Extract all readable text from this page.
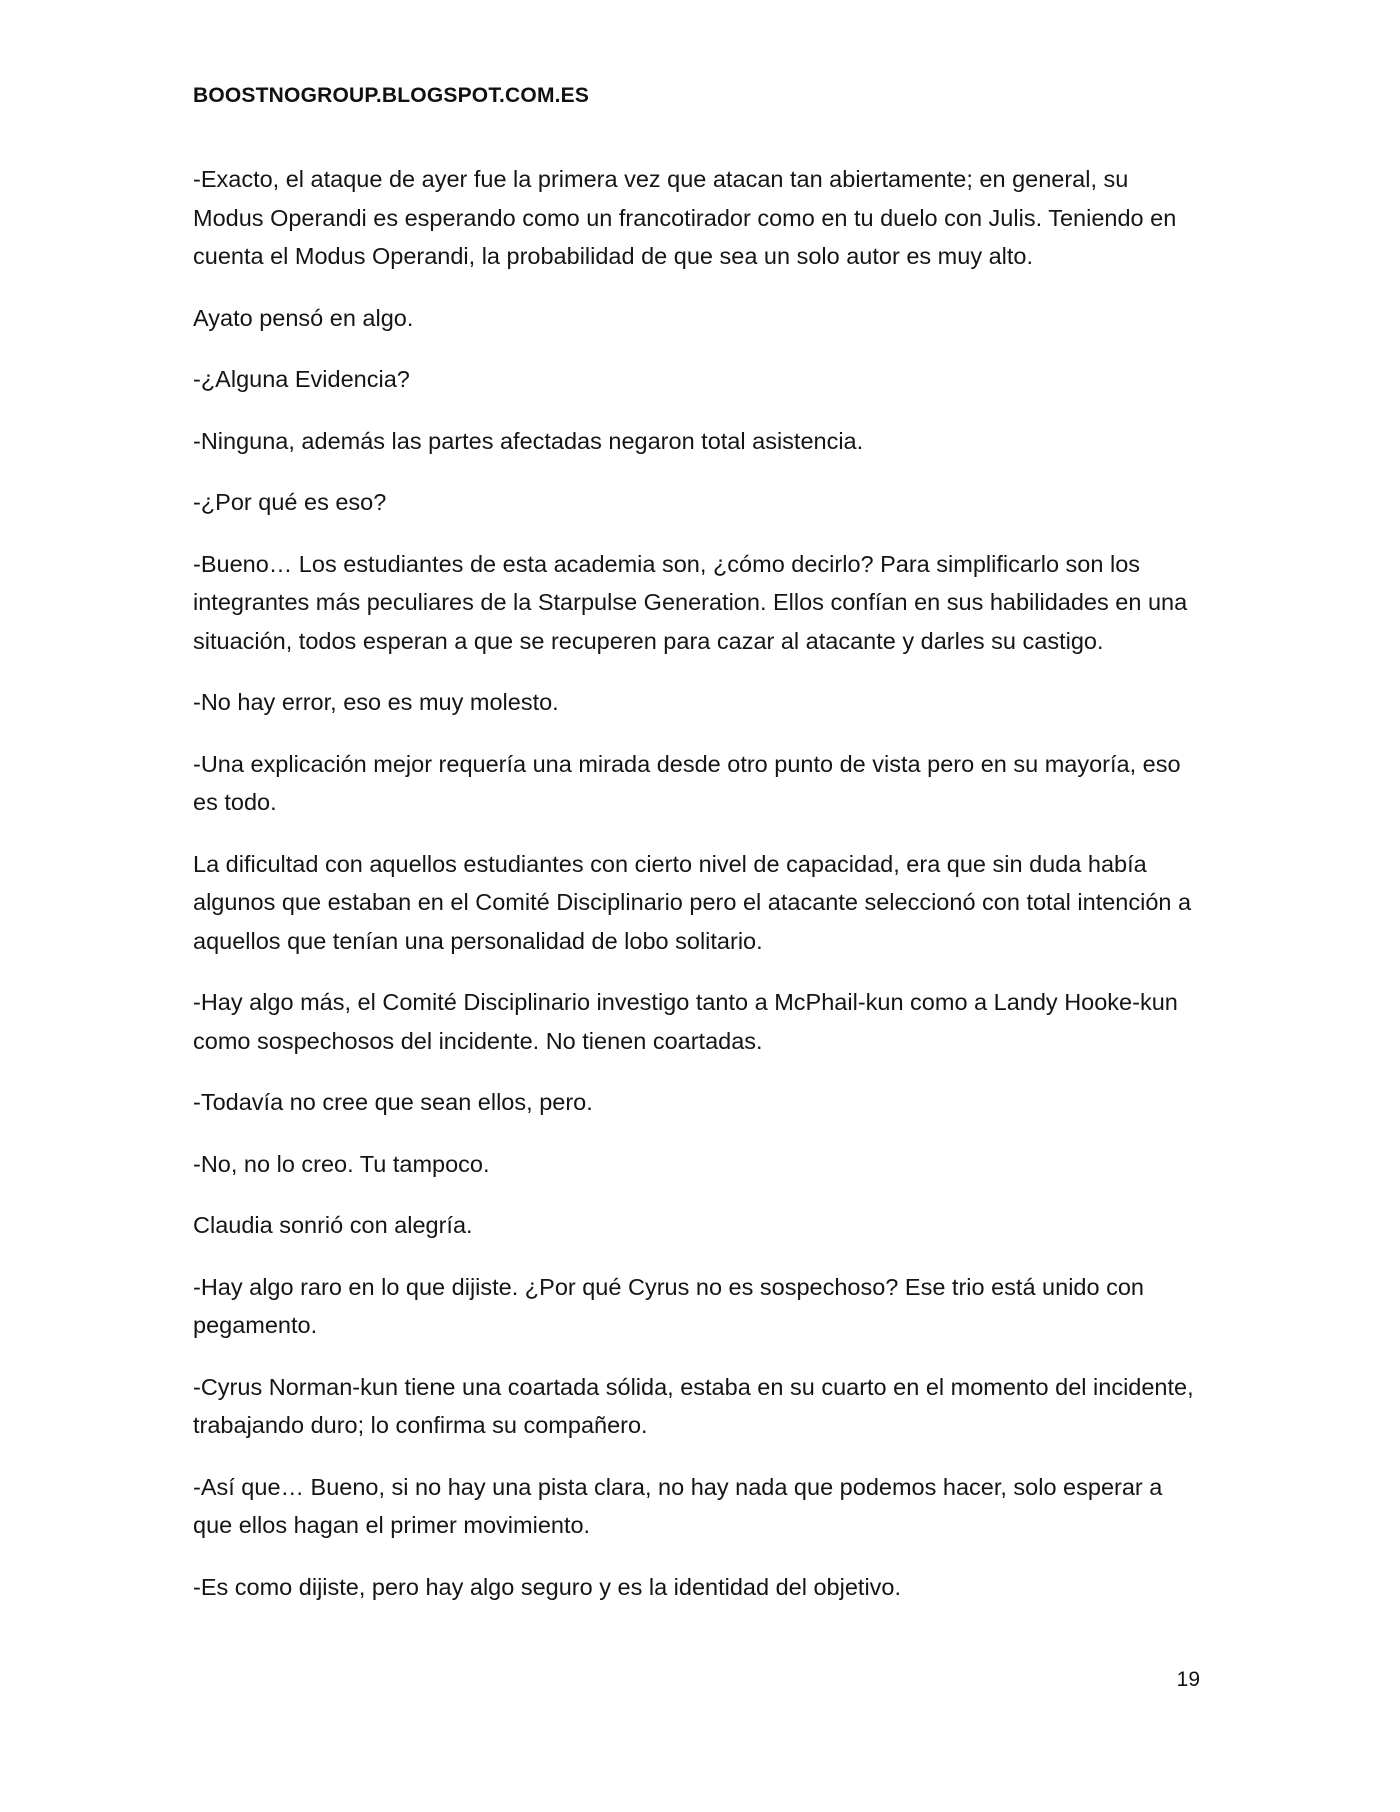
BOOSTNOGROUP.BLOGSPOT.COM.ES

-Exacto, el ataque de ayer fue la primera vez que atacan tan abiertamente; en general, su Modus Operandi es esperando como un francotirador como en tu duelo con Julis. Teniendo en cuenta el Modus Operandi, la probabilidad de que sea un solo autor es muy alto.

Ayato pensó en algo.

-¿Alguna Evidencia?

-Ninguna, además las partes afectadas negaron total asistencia.

-¿Por qué es eso?

-Bueno… Los estudiantes de esta academia son, ¿cómo decirlo? Para simplificarlo son los integrantes más peculiares de la Starpulse Generation. Ellos confían en sus habilidades en una situación, todos esperan a que se recuperen para cazar al atacante y darles su castigo.

-No hay error, eso es muy molesto.

-Una explicación mejor requería una mirada desde otro punto de vista pero en su mayoría, eso es todo.

La dificultad con aquellos estudiantes con cierto nivel de capacidad, era que sin duda había algunos que estaban en el Comité Disciplinario pero el atacante seleccionó con total intención a aquellos que tenían una personalidad de lobo solitario.

-Hay algo más, el Comité Disciplinario investigo tanto a McPhail-kun como a Landy Hooke-kun como sospechosos del incidente. No tienen coartadas.

-Todavía no cree que sean ellos, pero.

-No, no lo creo. Tu tampoco.

Claudia sonrió con alegría.

-Hay algo raro en lo que dijiste. ¿Por qué Cyrus no es sospechoso? Ese trio está unido con pegamento.

-Cyrus Norman-kun tiene una coartada sólida, estaba en su cuarto en el momento del incidente, trabajando duro; lo confirma su compañero.

-Así que… Bueno, si no hay una pista clara, no hay nada que podemos hacer, solo esperar a que ellos hagan el primer movimiento.

-Es como dijiste, pero hay algo seguro y es la identidad del objetivo.

19
